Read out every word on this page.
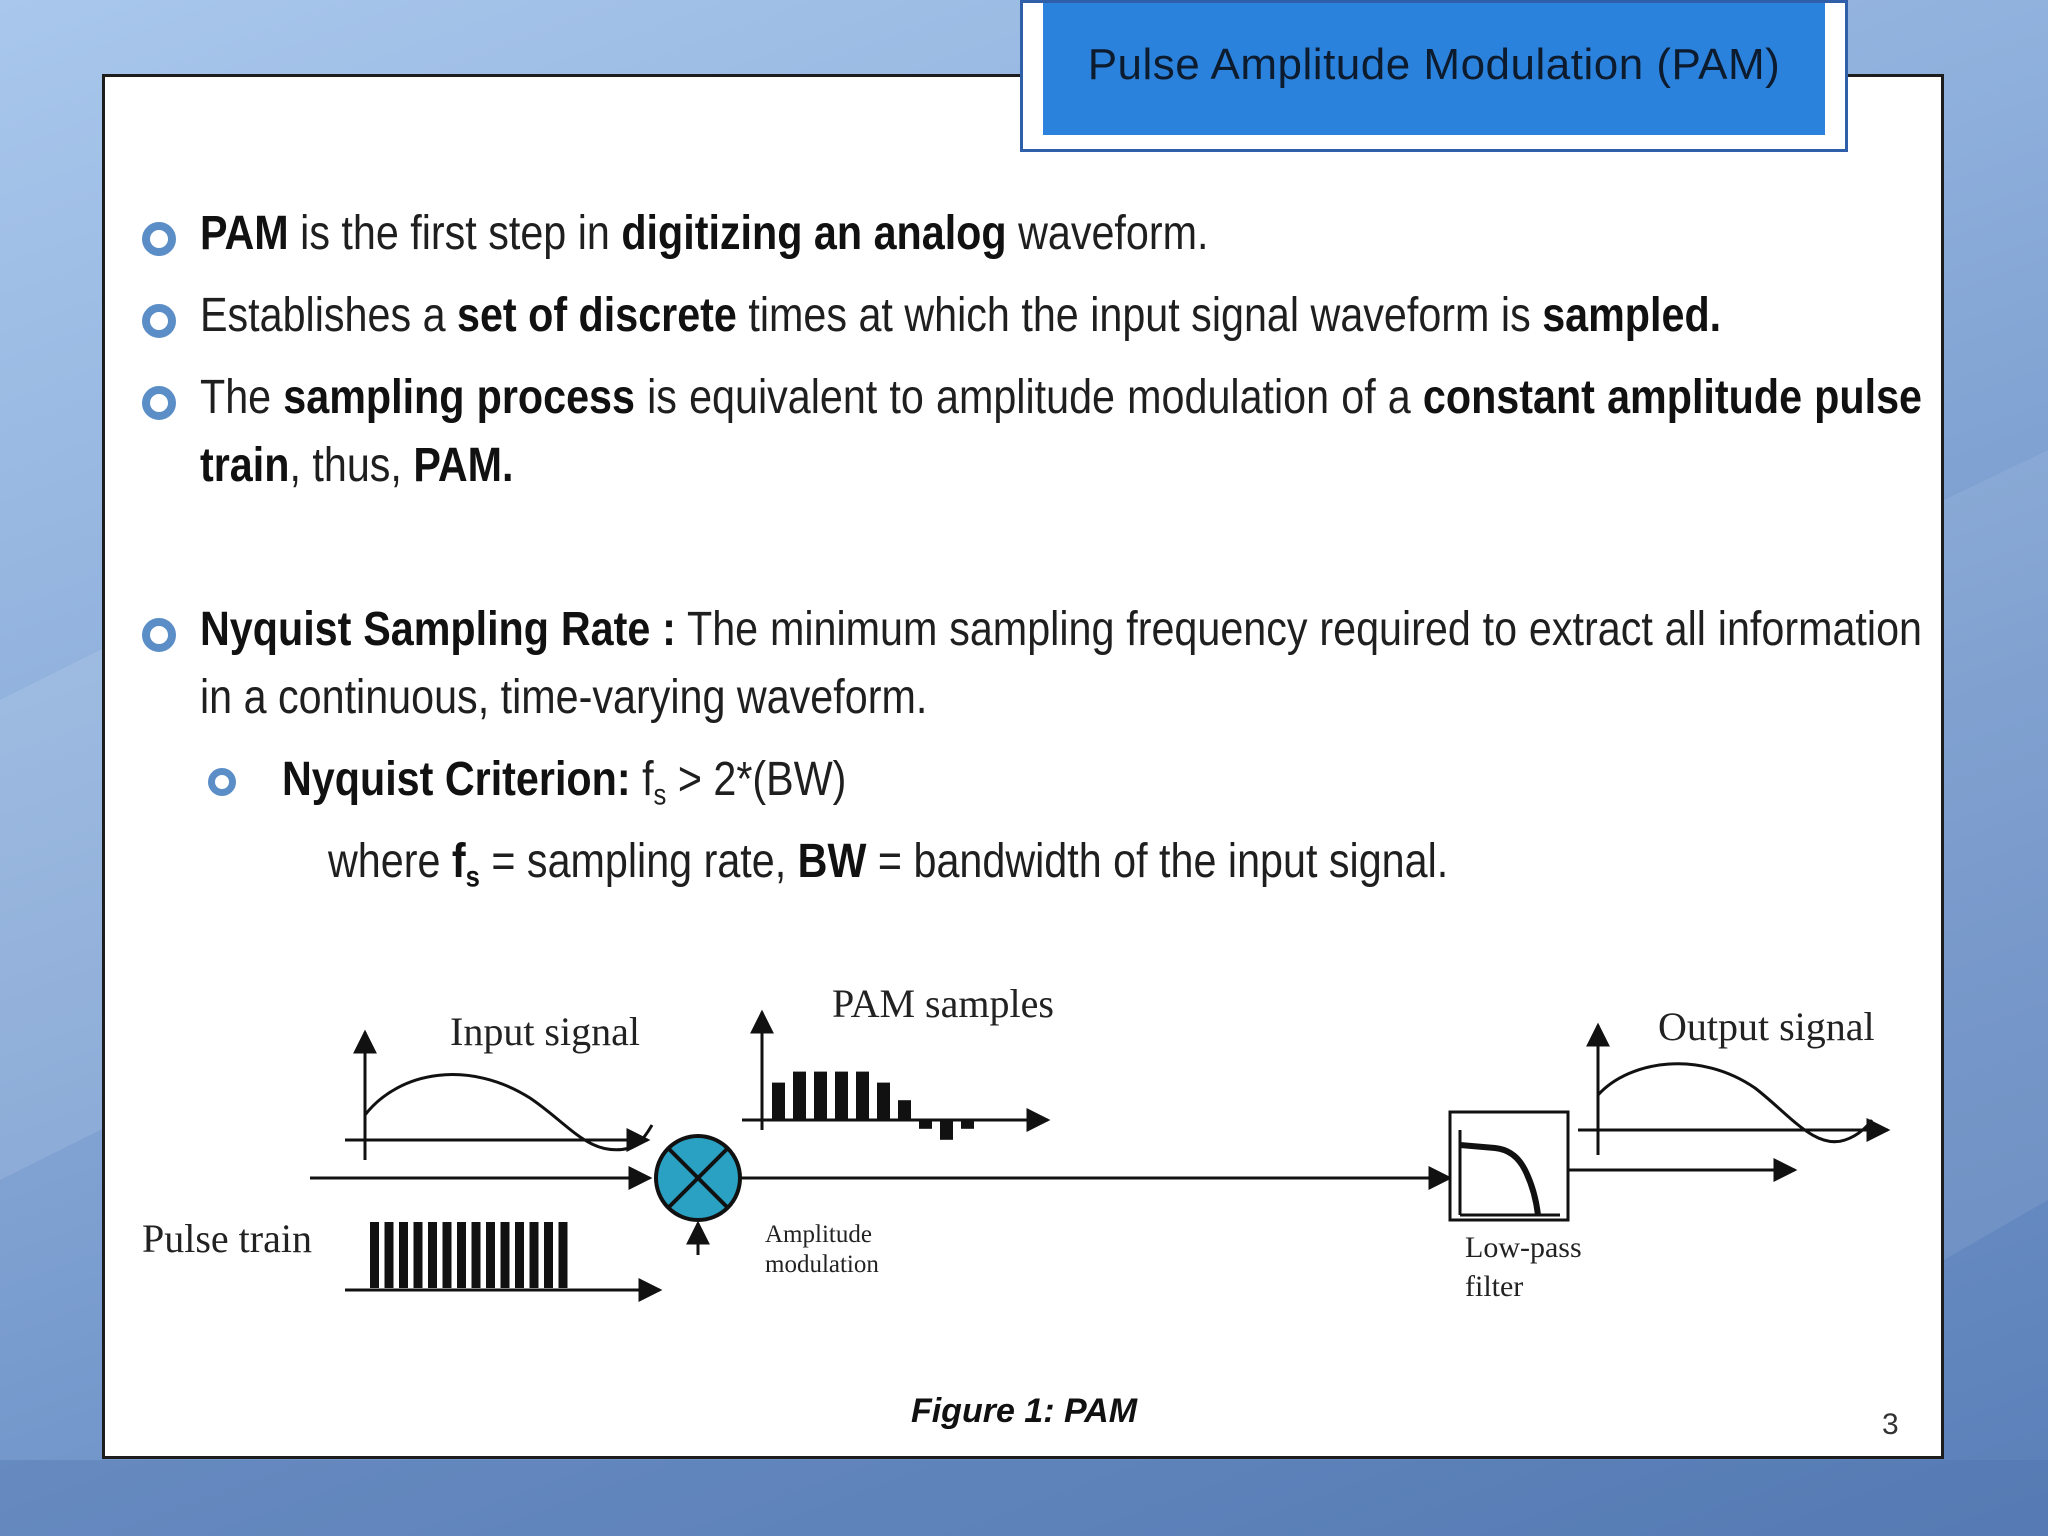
Pulse Amplitude Modulation (PAM)
PAM is the first step in digitizing an analog waveform.
Establishes a set of discrete times at which the input signal waveform is sampled.
The sampling process is equivalent to amplitude modulation of a constant amplitude pulse train, thus, PAM.
Nyquist Sampling Rate : The minimum sampling frequency required to extract all information in a continuous, time-varying waveform.
Nyquist Criterion: $f_s > 2*(BW)$
where $f_s$ = sampling rate, BW = bandwidth of the input signal.
Input signal
Pulse train	Amplitude
modulation
PAM samples
Low-pass
filter
Output signal
Figure 1: PAM	3
